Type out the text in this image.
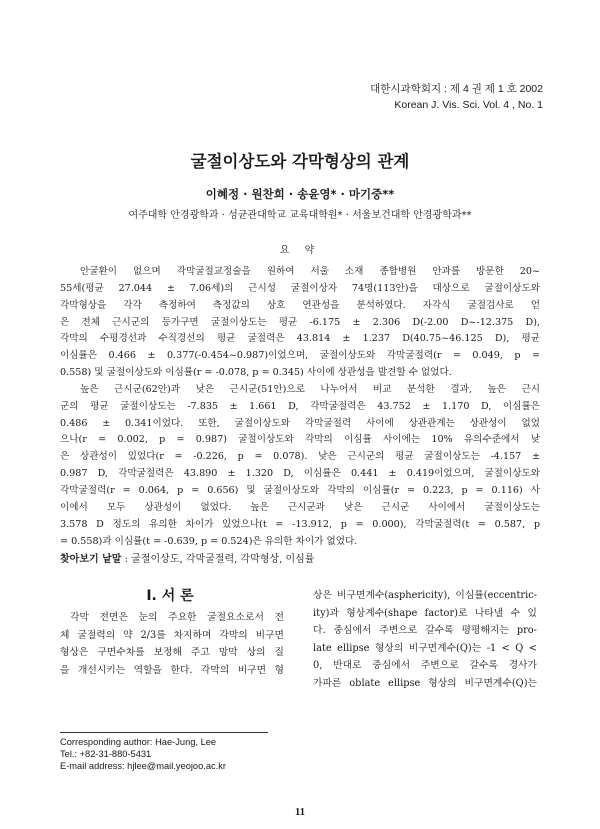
대한시과학회지 : 제 4 권 제 1 호 2002
Korean J. Vis. Sci. Vol. 4 , No. 1
굴절이상도와 각막형상의 관계
이혜정 · 원찬희 · 송윤영* · 마기중**
여주대학 안경광학과 · 성균관대학교 교육대학원* · 서울보건대학 안경광학과**
요 약
안굴환이 없으며 각막굴절교정술을 원하여 서울 소재 종합병원 안과를 방문한 20~
55세(평균 27.044 ± 7.06세)의 근시성 굴절이상자 74명(113안)을 대상으로 굴절이상도와
각막형상을 각각 측정하여 측정값의 상호 연관성을 분석하였다. 자각식 굴절검사로 얻
은 전체 근시군의 등가구면 굴절이상도는 평균 -6.175 ± 2.306 D(-2.00 D~-12.375 D),
각막의 수평경선과 수직경선의 평균 굴절력은 43.814 ± 1.237 D(40.75~46.125 D), 평균
이심률은 0.466 ± 0.377(-0.454~0.987)이었으며, 굴절이상도와 각막굴절력(r = 0.049, p =
0.558) 및 굴절이상도와 이심률(r = -0.078, p = 0.345) 사이에 상관성을 발견할 수 없었다.
높은 근시군(62안)과 낮은 근시군(51안)으로 나누어서 비교 분석한 결과, 높은 근시
군의 평균 굴절이상도는 -7.835 ± 1.661 D, 각막굴절력은 43.752 ± 1.170 D, 이심률은
0.486 ± 0.341이었다. 또한, 굴절이상도와 각막굴절력 사이에 상관관계는 상관성이 없었
으나(r = 0.002, p = 0.987) 굴절이상도와 각막의 이심률 사이에는 10% 유의수준에서 낮
은 상관성이 있었다(r = -0.226, p = 0.078). 낮은 근시군의 평균 굴절이상도는 -4.157 ±
0.987 D, 각막굴절력은 43.890 ± 1.320 D, 이심률은 0.441 ± 0.419이었으며, 굴절이상도와
각막굴절력(r = 0.064, p = 0.656) 및 굴절이상도와 각막의 이심률(r = 0.223, p = 0.116) 사
이에서 모두 상관성이 없었다. 높은 근시군과 낮은 근시군 사이에서 굴절이상도는
3.578 D 정도의 유의한 차이가 있었으나(t = -13.912, p = 0.000), 각막굴절력(t = 0.587, p
= 0.558)과 이심률(t = -0.639, p = 0.524)은 유의한 차이가 없었다.
찾아보기 낱말 : 굴절이상도, 각막굴절력, 각막형상, 이심률
I. 서 론
각막 전면은 눈의 주요한 굴절요소로서 전
체 굴절력의 약 2/3를 차지하며 각막의 비구면
형상은 구면수차를 보정해 주고 망막 상의 질
을 개선시키는 역할을 한다. 각막의 비구면 형
상은 비구면계수(asphericity), 이심률(eccentric-
ity)과 형상계수(shape factor)로 나타낼 수 있
다. 중심에서 주변으로 갈수록 평평해지는 pro-
late ellipse 형상의 비구면계수(Q)는 -1 < Q <
0, 반대로 중심에서 주변으로 갈수록 경사가
가파른 oblate ellipse 형상의 비구면계수(Q)는
Corresponding author: Hae-Jung, Lee
Tel.: +82-31-880-5431
E-mail address: hjlee@mail.yeojoo.ac.kr
11
